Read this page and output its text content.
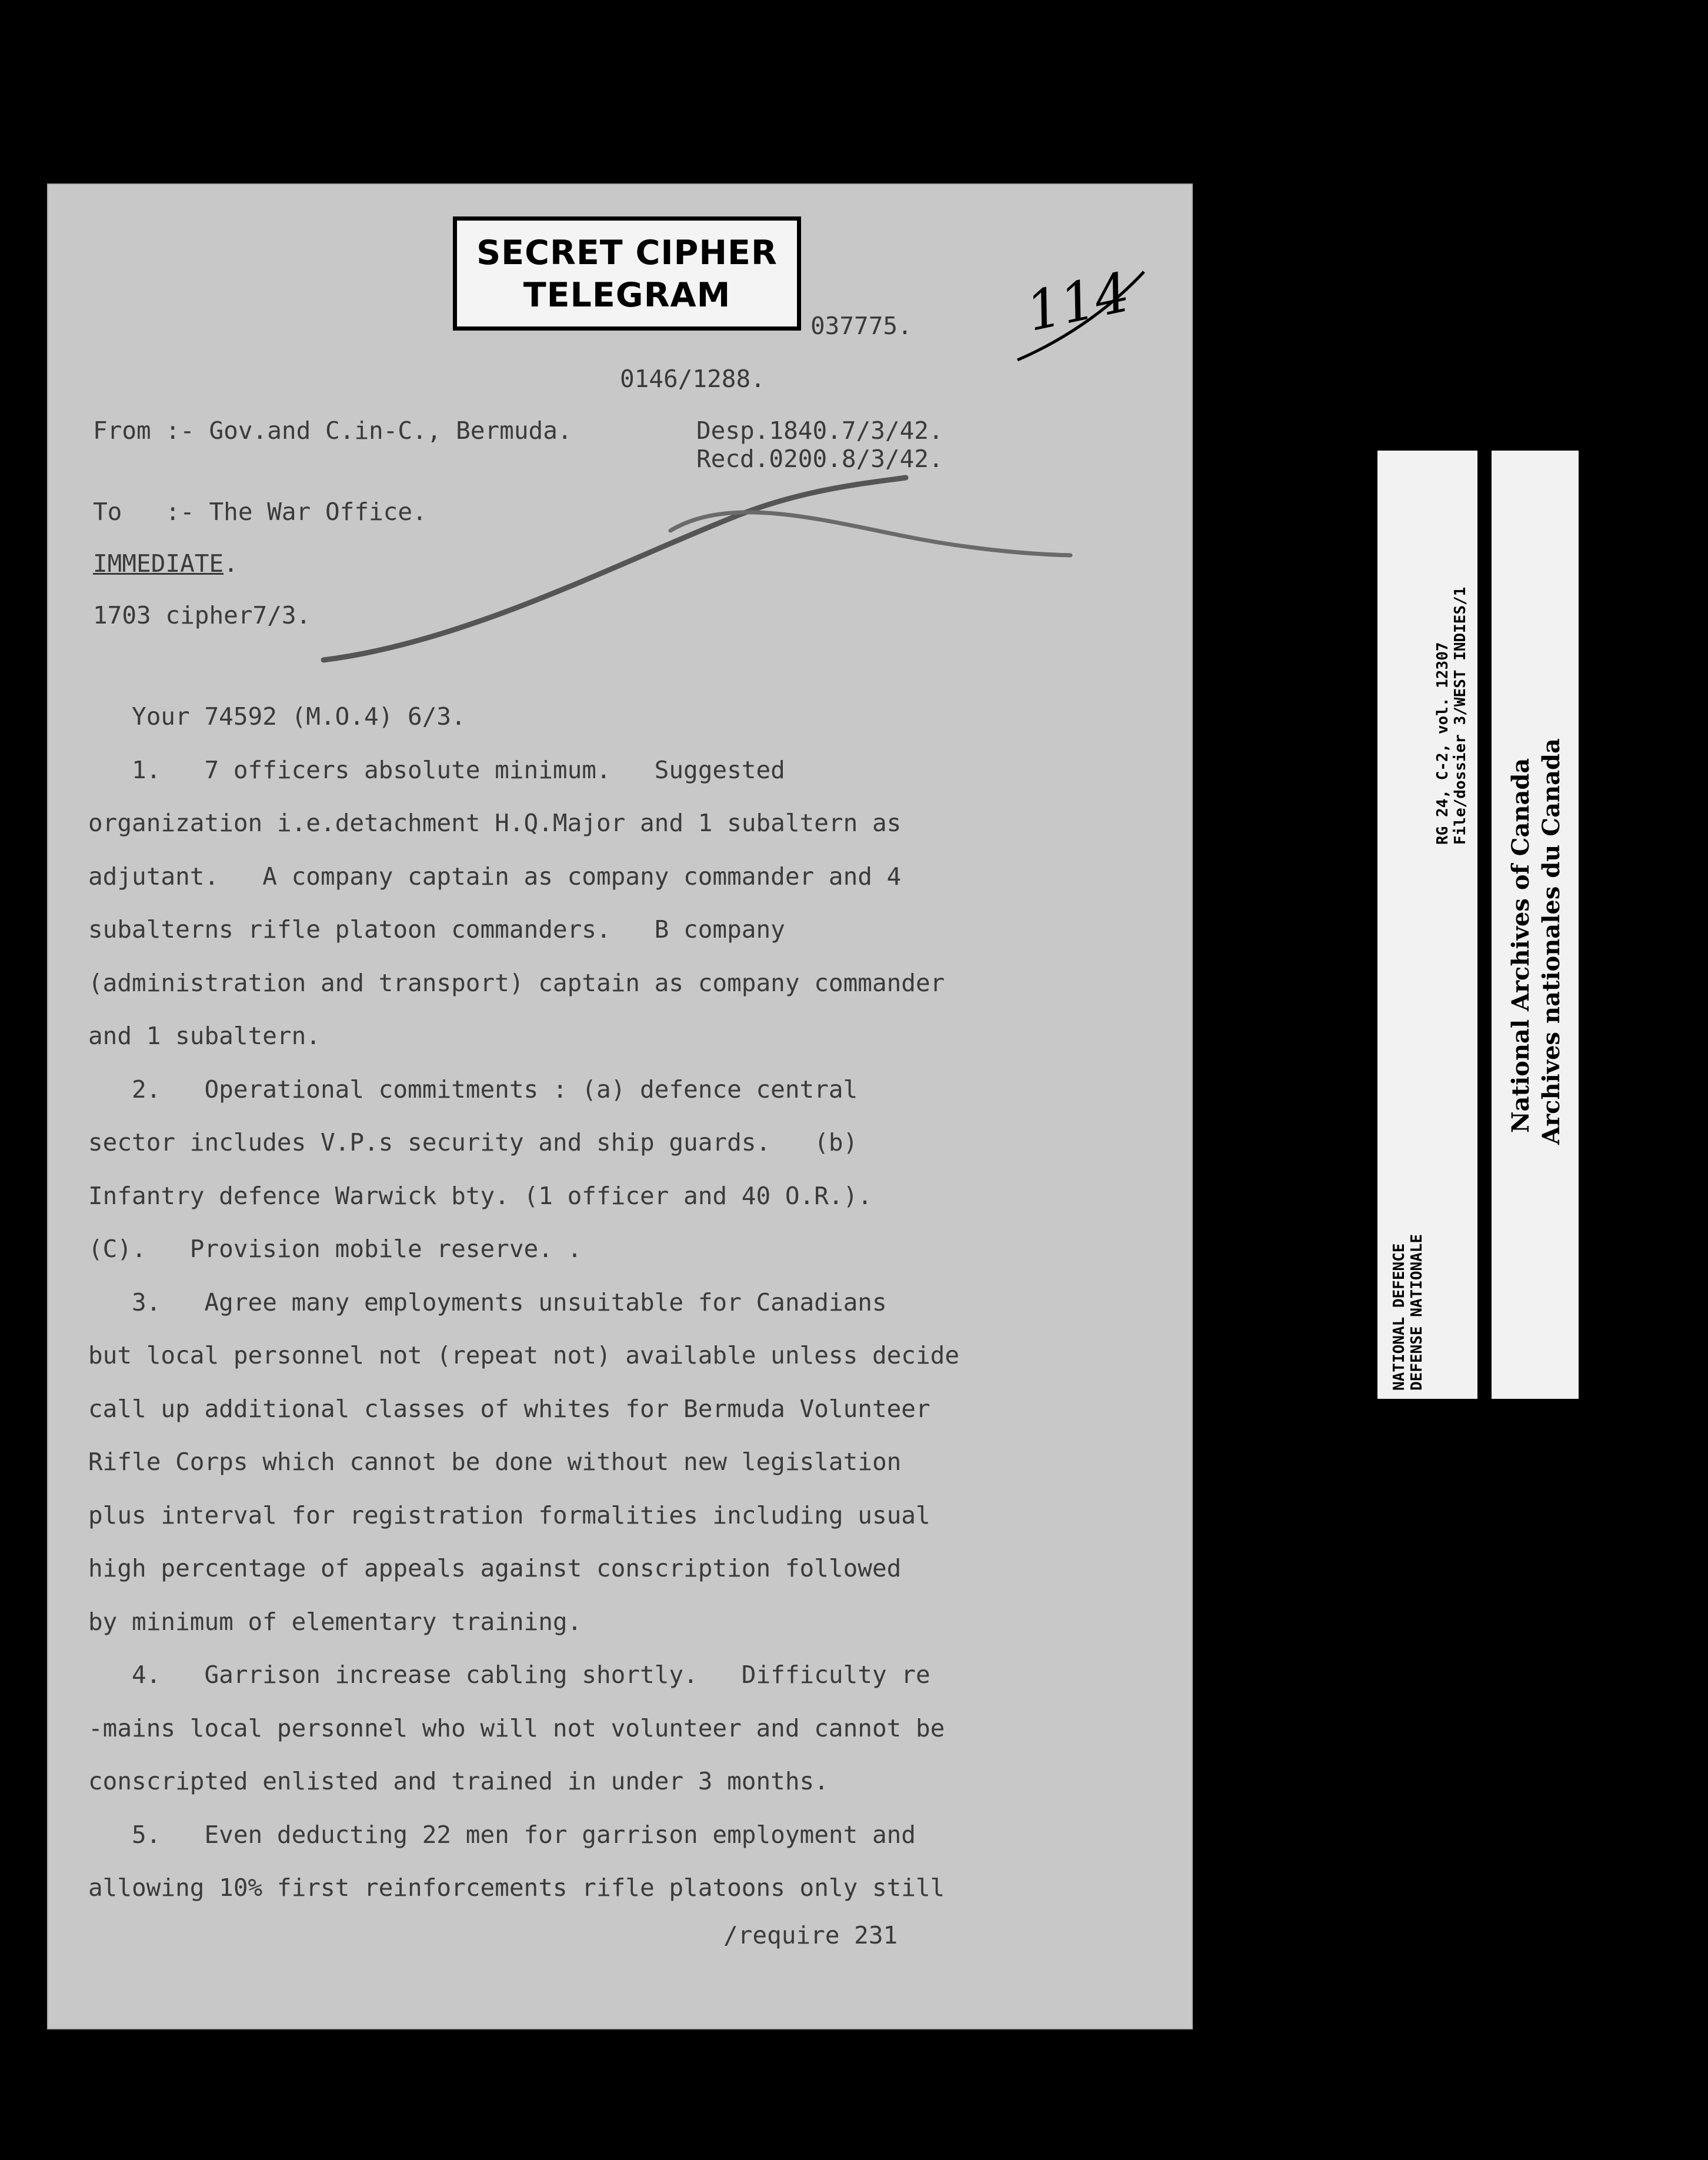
SECRET CIPHER
TELEGRAM	114
037775.
0146/1288.
From :- Gov.and C.in-C., Bermuda.	Desp.1840.7/3/42.
Recd.0200.8/3/42.
To   :- The War Office.
IMMEDIATE.
1703 cipher7/3.
Your 74592 (M.O.4) 6/3.
1.   7 officers absolute minimum.   Suggested
organization i.e.detachment H.Q.Major and 1 subaltern as
adjutant.   A company captain as company commander and 4
subalterns rifle platoon commanders.   B company
(administration and transport) captain as company commander
and 1 subaltern.
2.   Operational commitments : (a) defence central
sector includes V.P.s security and ship guards.   (b)
Infantry defence Warwick bty. (1 officer and 40 O.R.).
(C).   Provision mobile reserve. .
3.   Agree many employments unsuitable for Canadians
but local personnel not (repeat not) available unless decide
call up additional classes of whites for Bermuda Volunteer
Rifle Corps which cannot be done without new legislation
plus interval for registration formalities including usual
high percentage of appeals against conscription followed
by minimum of elementary training.
4.   Garrison increase cabling shortly.   Difficulty re
-mains local personnel who will not volunteer and cannot be
conscripted enlisted and trained in under 3 months.
5.   Even deducting 22 men for garrison employment and
allowing 10% first reinforcements rifle platoons only still
/require 231
NATIONAL DEFENCE DEFENSE NATIONALE
RG 24, C-2, vol. 12307 File/dossier 3/WEST INDIES/1
National Archives of Canada Archives nationales du Canada
